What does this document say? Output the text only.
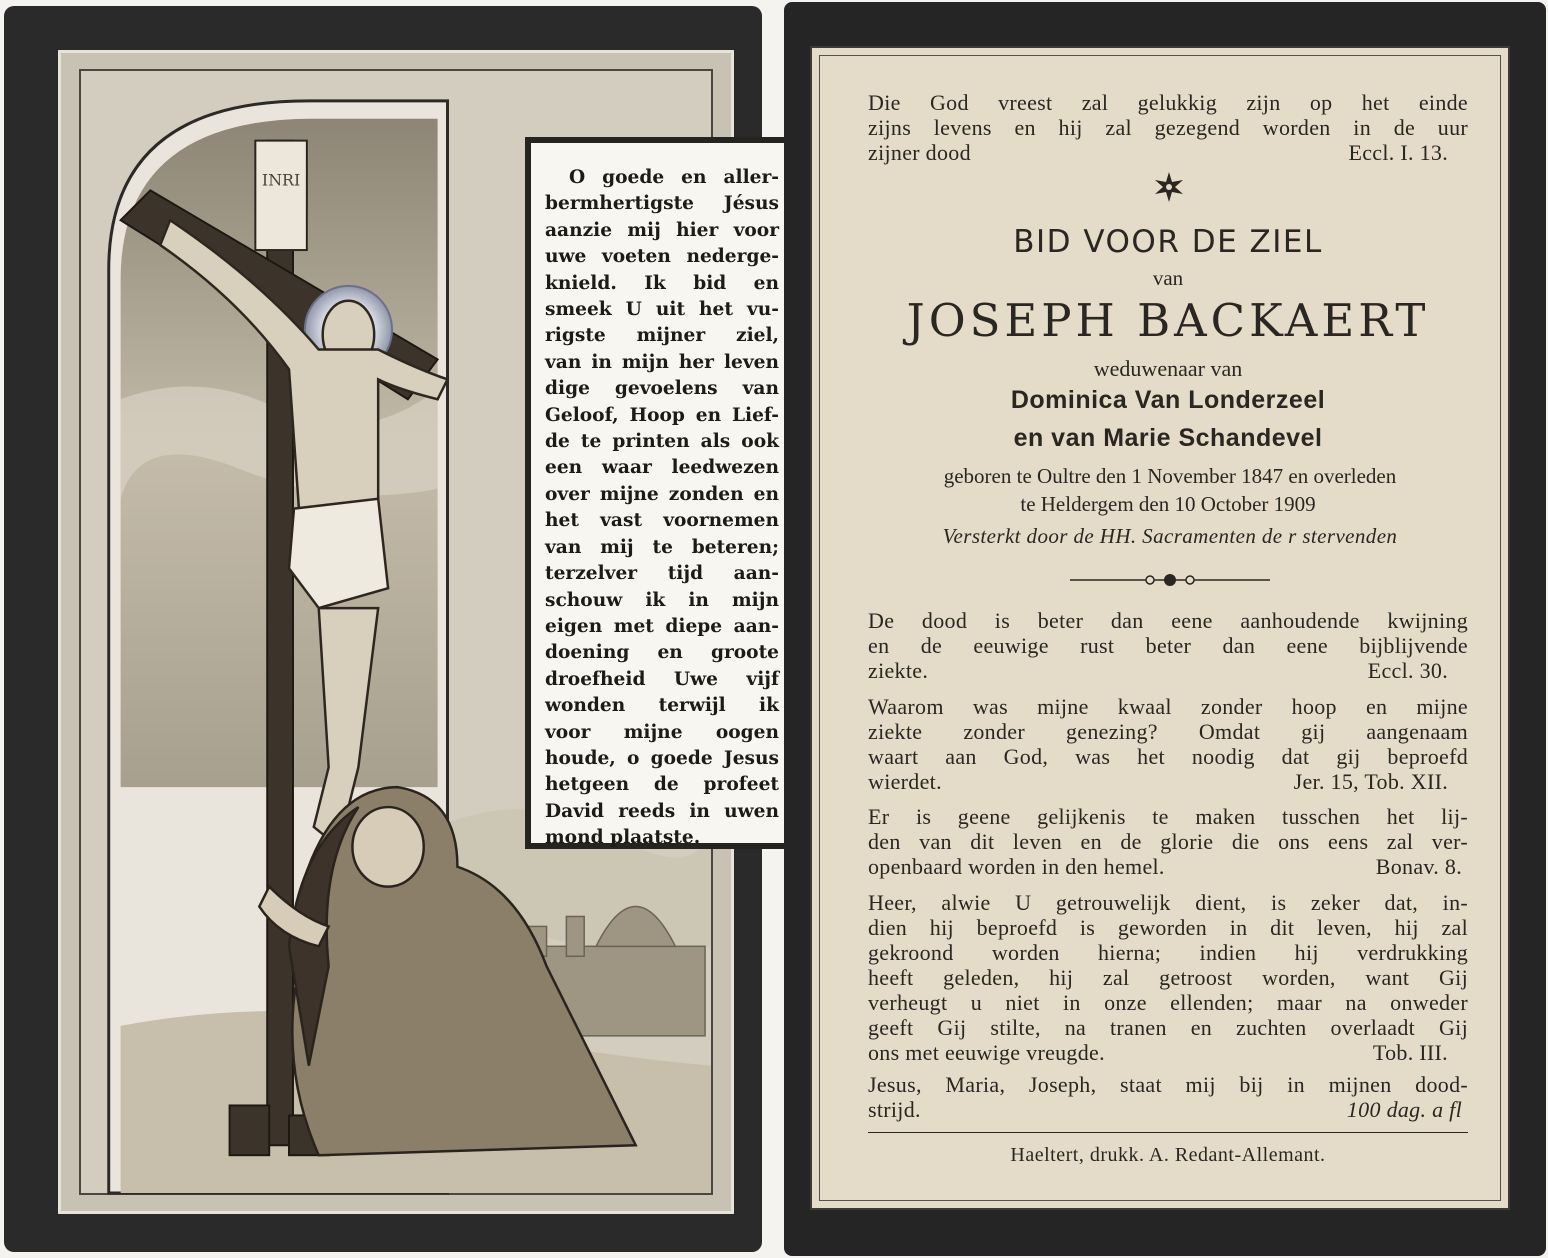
INRI	O goede en aller-
bermhertigste Jésus
aanzie mij hier voor
uwe voeten nederge-
knield. Ik bid en
smeek U uit het vu-
rigste mijner ziel,
van in mijn her leven
dige gevoelens van
Geloof, Hoop en Lief-
de te printen als ook
een waar leedwezen
over mijne zonden en
het vast voornemen
van mij te beteren;
terzelver tijd aan-
schouw ik in mijn
eigen met diepe aan-
doening en groote
droefheid Uwe vijf
wonden terwijl ik
voor mijne oogen
houde, o goede Jesus
hetgeen de profeet
David reeds in uwen
mond plaatste.
Die God vreest zal gelukkig zijn op het einde
zijns levens en hij zal gezegend worden in de uur
zijner dood	Eccl. I. 13.
BID VOOR DE ZIEL
van
JOSEPH BACKAERT
weduwenaar van
Dominica Van Londerzeel
en van Marie Schandevel
geboren te Oultre den 1 November 1847 en overleden
te Heldergem den 10 October 1909
Versterkt door de HH. Sacramenten de r stervenden
De dood is beter dan eene aanhoudende kwijning
en de eeuwige rust beter dan eene bijblijvende
ziekte.	Eccl. 30.
Waarom was mijne kwaal zonder hoop en mijne
ziekte zonder genezing? Omdat gij aangenaam
waart aan God, was het noodig dat gij beproefd
wierdet.	Jer. 15, Tob. XII.
Er is geene gelijkenis te maken tusschen het lij-
den van dit leven en de glorie die ons eens zal ver-
openbaard worden in den hemel.	Bonav. 8.
Heer, alwie U getrouwelijk dient, is zeker dat, in-
dien hij beproefd is geworden in dit leven, hij zal
gekroond worden hierna; indien hij verdrukking
heeft geleden, hij zal getroost worden, want Gij
verheugt u niet in onze ellenden; maar na onweder
geeft Gij stilte, na tranen en zuchten overlaadt Gij
ons met eeuwige vreugde.	Tob. III.
Jesus, Maria, Joseph, staat mij bij in mijnen dood-
strijd.	100 dag. a fl
Haeltert, drukk. A. Redant-Allemant.
